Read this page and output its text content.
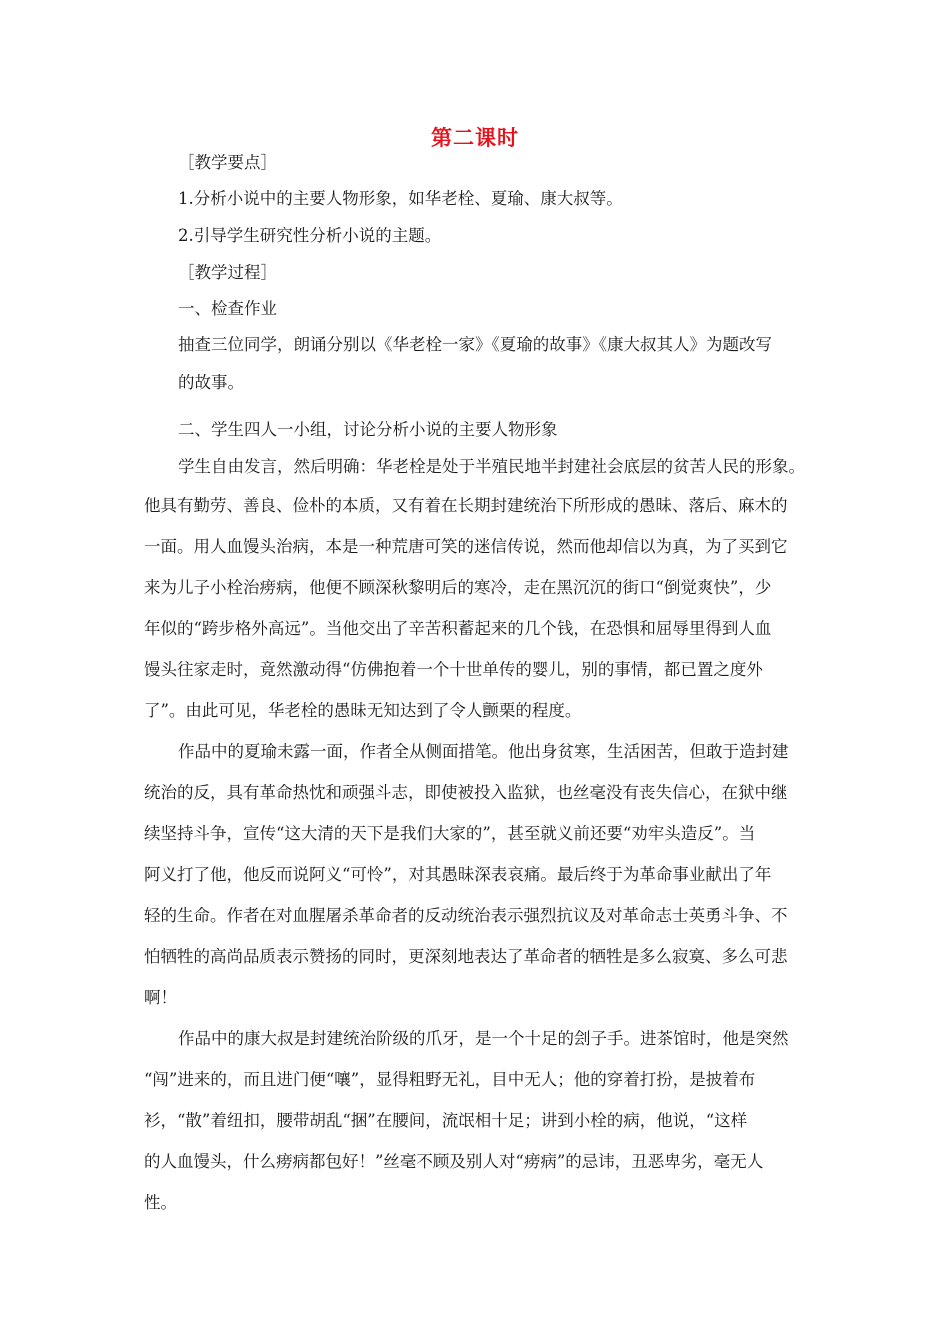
第二课时
［教学要点］
1.分析小说中的主要人物形象，如华老栓、夏瑜、康大叔等。
2.引导学生研究性分析小说的主题。
［教学过程］
一、检查作业
抽查三位同学，朗诵分别以《华老栓一家》《夏瑜的故事》《康大叔其人》为题改写
的故事。
二、学生四人一小组，讨论分析小说的主要人物形象
学生自由发言，然后明确：华老栓是处于半殖民地半封建社会底层的贫苦人民的形象。
他具有勤劳、善良、俭朴的本质，又有着在长期封建统治下所形成的愚昧、落后、麻木的
一面。用人血馒头治病，本是一种荒唐可笑的迷信传说，然而他却信以为真，为了买到它
来为儿子小栓治痨病，他便不顾深秋黎明后的寒冷，走在黑沉沉的街口“倒觉爽快”，少
年似的“跨步格外高远”。当他交出了辛苦积蓄起来的几个钱，在恐惧和屈辱里得到人血
馒头往家走时，竟然激动得“仿佛抱着一个十世单传的婴儿，别的事情，都已置之度外
了”。由此可见，华老栓的愚昧无知达到了令人颤栗的程度。
作品中的夏瑜未露一面，作者全从侧面措笔。他出身贫寒，生活困苦，但敢于造封建
统治的反，具有革命热忱和顽强斗志，即使被投入监狱，也丝毫没有丧失信心，在狱中继
续坚持斗争，宣传“这大清的天下是我们大家的”，甚至就义前还要“劝牢头造反”。当
阿义打了他，他反而说阿义“可怜”，对其愚昧深表哀痛。最后终于为革命事业献出了年
轻的生命。作者在对血腥屠杀革命者的反动统治表示强烈抗议及对革命志士英勇斗争、不
怕牺牲的高尚品质表示赞扬的同时，更深刻地表达了革命者的牺牲是多么寂寞、多么可悲
啊！
作品中的康大叔是封建统治阶级的爪牙，是一个十足的刽子手。进茶馆时，他是突然
“闯”进来的，而且进门便“嚷”，显得粗野无礼，目中无人；他的穿着打扮，是披着布
衫，“散”着纽扣，腰带胡乱“捆”在腰间，流氓相十足；讲到小栓的病，他说，“这样
的人血馒头，什么痨病都包好！”丝毫不顾及别人对“痨病”的忌讳，丑恶卑劣，毫无人
性。
